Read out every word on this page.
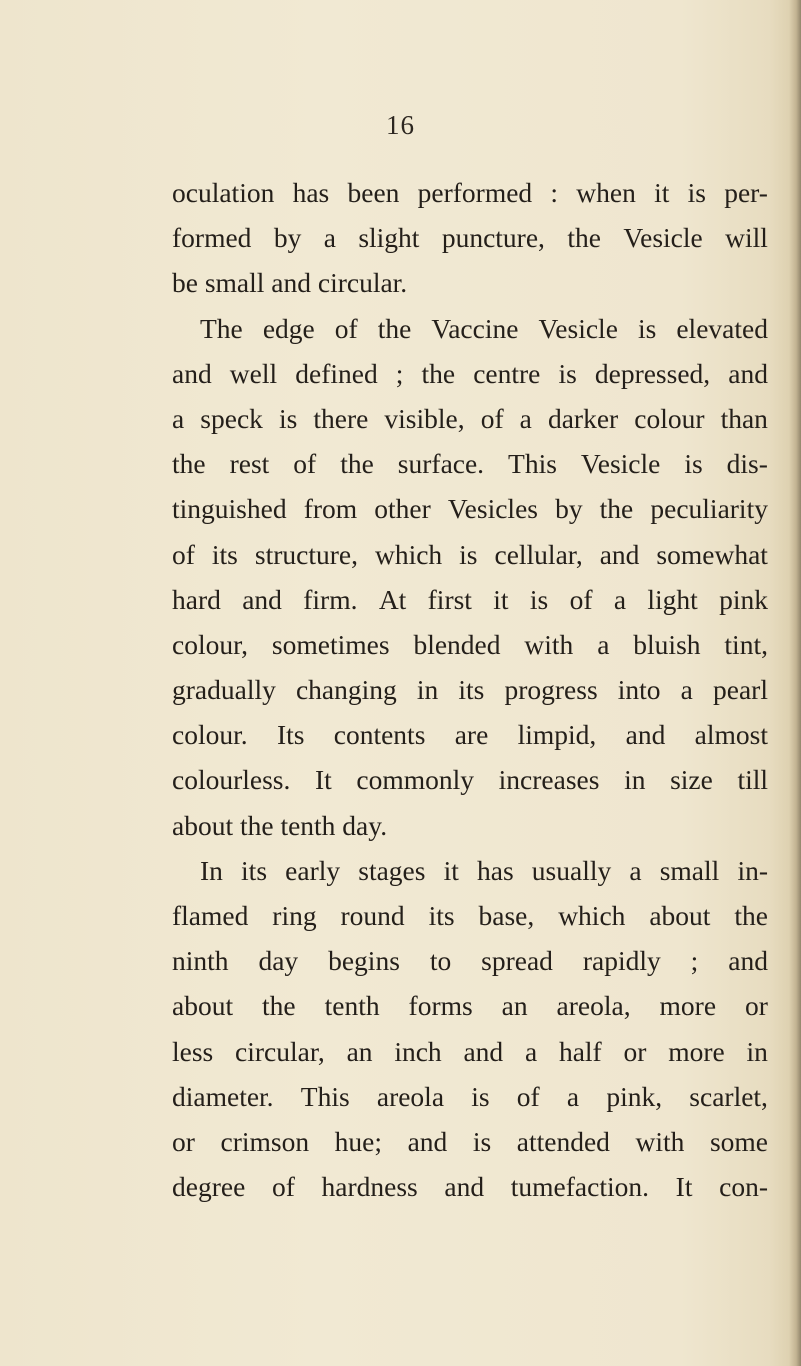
16
oculation has been performed : when it is per-
formed by a slight puncture, the Vesicle will
be small and circular.
The edge of the Vaccine Vesicle is elevated
and well defined ; the centre is depressed, and
a speck is there visible, of a darker colour than
the rest of the surface. This Vesicle is dis-
tinguished from other Vesicles by the peculiarity
of its structure, which is cellular, and somewhat
hard and firm. At first it is of a light pink
colour, sometimes blended with a bluish tint,
gradually changing in its progress into a pearl
colour. Its contents are limpid, and almost
colourless. It commonly increases in size till
about the tenth day.
In its early stages it has usually a small in-
flamed ring round its base, which about the
ninth day begins to spread rapidly ; and
about the tenth forms an areola, more or
less circular, an inch and a half or more in
diameter. This areola is of a pink, scarlet,
or crimson hue; and is attended with some
degree of hardness and tumefaction. It con-
